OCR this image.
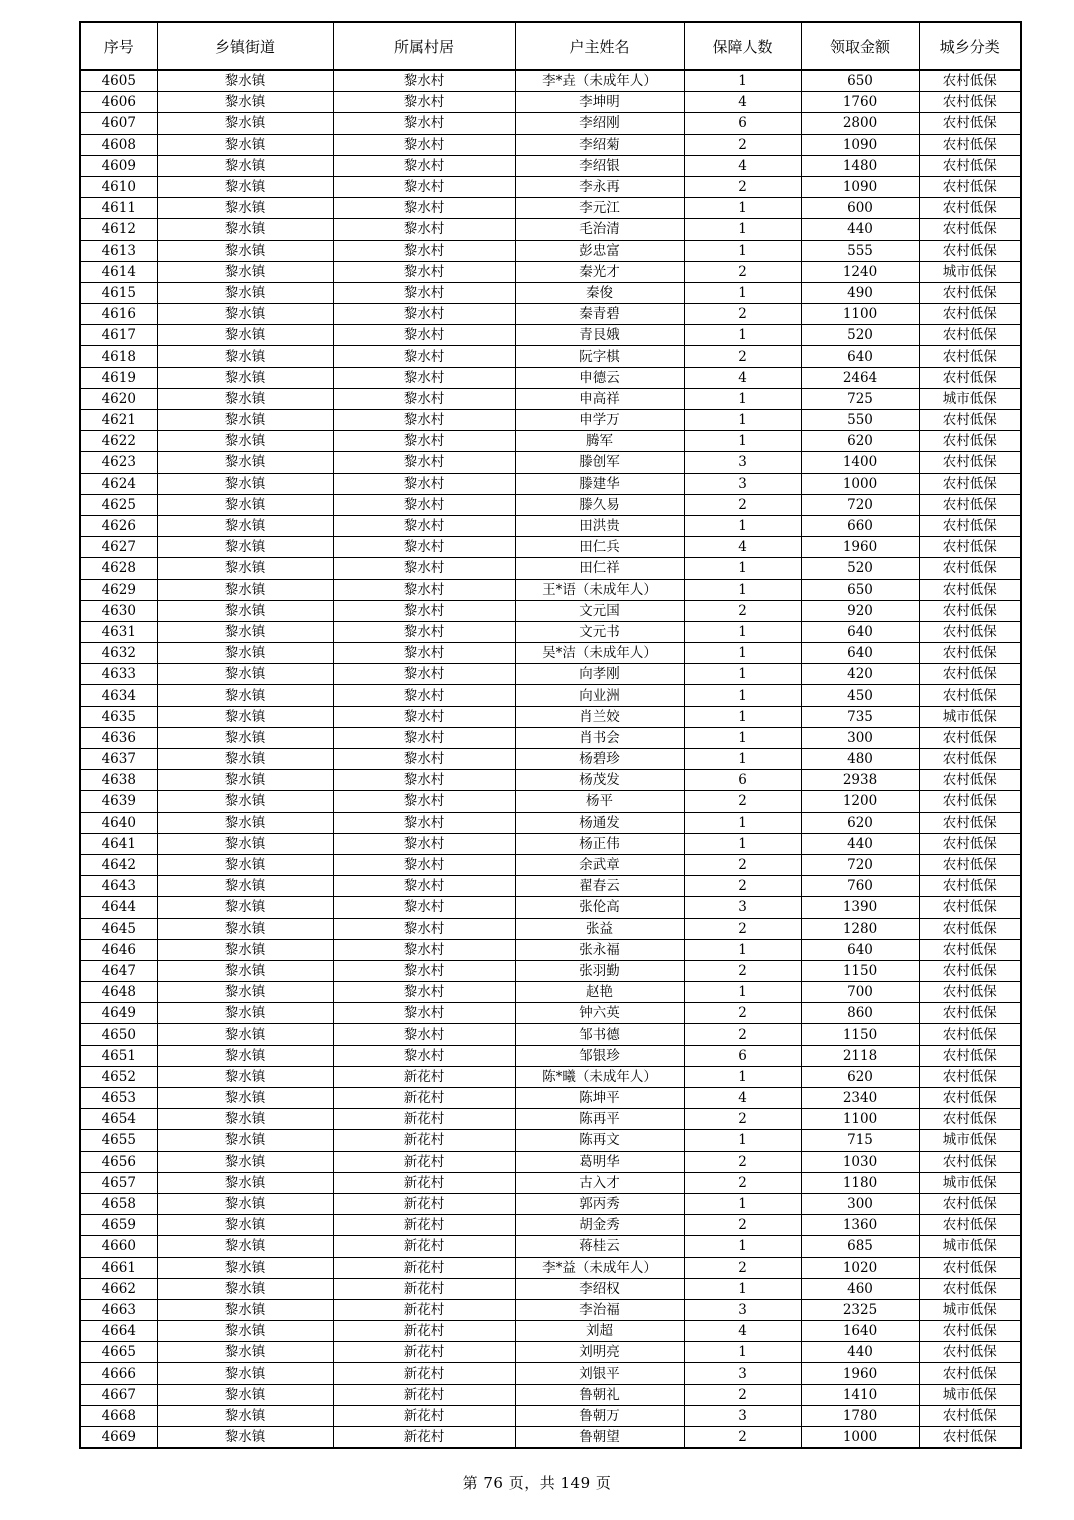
序号	乡镇街道	所属村居	户主姓名	保障人数	领取金额	城乡分类
4605	黎水镇	黎水村	李*垚（未成年人）	1	650	农村低保
4606	黎水镇	黎水村	李坤明	4	1760	农村低保
4607	黎水镇	黎水村	李绍刚	6	2800	农村低保
4608	黎水镇	黎水村	李绍菊	2	1090	农村低保
4609	黎水镇	黎水村	李绍银	4	1480	农村低保
4610	黎水镇	黎水村	李永再	2	1090	农村低保
4611	黎水镇	黎水村	李元江	1	600	农村低保
4612	黎水镇	黎水村	毛治清	1	440	农村低保
4613	黎水镇	黎水村	彭忠富	1	555	农村低保
4614	黎水镇	黎水村	秦光才	2	1240	城市低保
4615	黎水镇	黎水村	秦俊	1	490	农村低保
4616	黎水镇	黎水村	秦青碧	2	1100	农村低保
4617	黎水镇	黎水村	青艮娥	1	520	农村低保
4618	黎水镇	黎水村	阮字棋	2	640	农村低保
4619	黎水镇	黎水村	申德云	4	2464	农村低保
4620	黎水镇	黎水村	申高祥	1	725	城市低保
4621	黎水镇	黎水村	申学万	1	550	农村低保
4622	黎水镇	黎水村	腾军	1	620	农村低保
4623	黎水镇	黎水村	滕创军	3	1400	农村低保
4624	黎水镇	黎水村	滕建华	3	1000	农村低保
4625	黎水镇	黎水村	滕久易	2	720	农村低保
4626	黎水镇	黎水村	田洪贵	1	660	农村低保
4627	黎水镇	黎水村	田仁兵	4	1960	农村低保
4628	黎水镇	黎水村	田仁祥	1	520	农村低保
4629	黎水镇	黎水村	王*语（未成年人）	1	650	农村低保
4630	黎水镇	黎水村	文元国	2	920	农村低保
4631	黎水镇	黎水村	文元书	1	640	农村低保
4632	黎水镇	黎水村	吴*洁（未成年人）	1	640	农村低保
4633	黎水镇	黎水村	向孝刚	1	420	农村低保
4634	黎水镇	黎水村	向业洲	1	450	农村低保
4635	黎水镇	黎水村	肖兰姣	1	735	城市低保
4636	黎水镇	黎水村	肖书会	1	300	农村低保
4637	黎水镇	黎水村	杨碧珍	1	480	农村低保
4638	黎水镇	黎水村	杨茂发	6	2938	农村低保
4639	黎水镇	黎水村	杨平	2	1200	农村低保
4640	黎水镇	黎水村	杨通发	1	620	农村低保
4641	黎水镇	黎水村	杨正伟	1	440	农村低保
4642	黎水镇	黎水村	余武章	2	720	农村低保
4643	黎水镇	黎水村	翟春云	2	760	农村低保
4644	黎水镇	黎水村	张伦高	3	1390	农村低保
4645	黎水镇	黎水村	张益	2	1280	农村低保
4646	黎水镇	黎水村	张永福	1	640	农村低保
4647	黎水镇	黎水村	张羽勤	2	1150	农村低保
4648	黎水镇	黎水村	赵艳	1	700	农村低保
4649	黎水镇	黎水村	钟六英	2	860	农村低保
4650	黎水镇	黎水村	邹书德	2	1150	农村低保
4651	黎水镇	黎水村	邹银珍	6	2118	农村低保
4652	黎水镇	新花村	陈*曦（未成年人）	1	620	农村低保
4653	黎水镇	新花村	陈坤平	4	2340	农村低保
4654	黎水镇	新花村	陈再平	2	1100	农村低保
4655	黎水镇	新花村	陈再文	1	715	城市低保
4656	黎水镇	新花村	葛明华	2	1030	农村低保
4657	黎水镇	新花村	古入才	2	1180	城市低保
4658	黎水镇	新花村	郭丙秀	1	300	农村低保
4659	黎水镇	新花村	胡金秀	2	1360	农村低保
4660	黎水镇	新花村	蒋桂云	1	685	城市低保
4661	黎水镇	新花村	李*益（未成年人）	2	1020	农村低保
4662	黎水镇	新花村	李绍权	1	460	农村低保
4663	黎水镇	新花村	李治福	3	2325	城市低保
4664	黎水镇	新花村	刘超	4	1640	农村低保
4665	黎水镇	新花村	刘明亮	1	440	农村低保
4666	黎水镇	新花村	刘银平	3	1960	农村低保
4667	黎水镇	新花村	鲁朝礼	2	1410	城市低保
4668	黎水镇	新花村	鲁朝万	3	1780	农村低保
4669	黎水镇	新花村	鲁朝望	2	1000	农村低保
第 76 页，共 149 页
